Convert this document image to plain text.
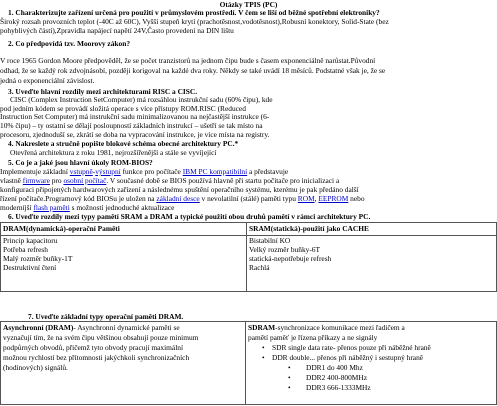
Otázky TPIS (PC)
1. Charakterizujte zařízení určená pro použití v průmyslovém prostředí. V čem se liší od běžné spotřební elektroniky?
Široký rozsah provozních teplot (-40C až 60C), Vyšší stupeň krytí (prachotěsnost,vodotěsnost),Robusní konektory, Solid-State (bez
pohyblivých částí),Zpravidla napájecí napětí 24V,Často provedení na DIN lištu
2. Co předpovídá tzv. Moorovy zákon?
V roce 1965 Gordon Moore předpověděl, že se počet tranzistorů na jednom čipu bude s časem exponenciálně narůstat.Původní
odhad, že se každý rok zdvojnásobí, později korigoval na každé dva roky. Někdy se také uvádí 18 měsíců. Podstatné však je, že se
jedná o exponenciální závislost.
3. Uveďte hlavní rozdíly mezi architekturami RISC a CISC.
CISC (Complex Instruction SetComputer) má rozsáhlou instrukční sadu (60% čipu), kde
pod jedním kódem se provádí složitá operace s více přístupy ROM.RISC (Reduced
Instruction Set Computer) má instrukční sadu minimalizovanou na nejčastější instrukce (6-
10% čipu) – ty ostatní se dělají posloupností základních instrukcí – ušetří se tak místo na
procesoru, zjednoduší se, zkrátí se doba na vypracování instrukce, je více místa na registry.
4. Nakreslete a stručně popište blokové schéma obecné architektury PC.*
Otevřená architektura z roku 1981, nejrozšířenější a stále se vyvíjející
5. Co je a jaké jsou hlavní úkoly ROM-BIOS?
Implementuje základní vstupně-výstupní funkce pro počítače IBM PC kompatibilní a představuje
vlastně firmware pro osobní počítač. V současné době se BIOS používá hlavně při startu počítače pro inicializaci a
konfiguraci připojených hardwarových zařízení a následnému spuštění operačního systému, kterému je pak předáno další
řízení počítače.Programový kód BIOSu je uložen na základní desce v nevolatilní (stálé) paměti typu ROM, EEPROM nebo
moderníjší flash paměti s možností jednoduché aktualizace
6. Uveďte rozdíly mezi typy pamětí SRAM a DRAM a typické použití obou druhů pamětí v rámci architektury PC.
DRAM(dynamická)-operační Paměti	SRAM(statická)-použití jako CACHE
Princip kapacitoru
Potřeba refresh
Malý rozměr buňky-1T
Destruktivní čtení
Bistabilní KO
Velký rozměr buňky-6T
statická-nepotřebuje refresh
Rachlá
7. Uveďte základní typy operační paměti DRAM.
Asynchronní (DRAM)- Asynchronní dynamické paměti se
vyznačují tím, že na svém čipu většinou obsahují pouze minimum
podpůrných obvodů, přičemž tyto obvody pracují maximální
možnou rychlostí bez přítomnosti jakýchkoli synchronizačních
(hodinových) signálů.
SDRAM-synchronizace komunikace mezi řadičem a
pamětí paměť je řízena příkazy a ne signály
• SDR single data rate- přenos pouze při náběžné hraně
• DDR double... přenos při náběžný i sestupný hraně
• DDR1 do 400 Mhz
• DDR2 400-800MHz
• DDR3 666-1333MHz
